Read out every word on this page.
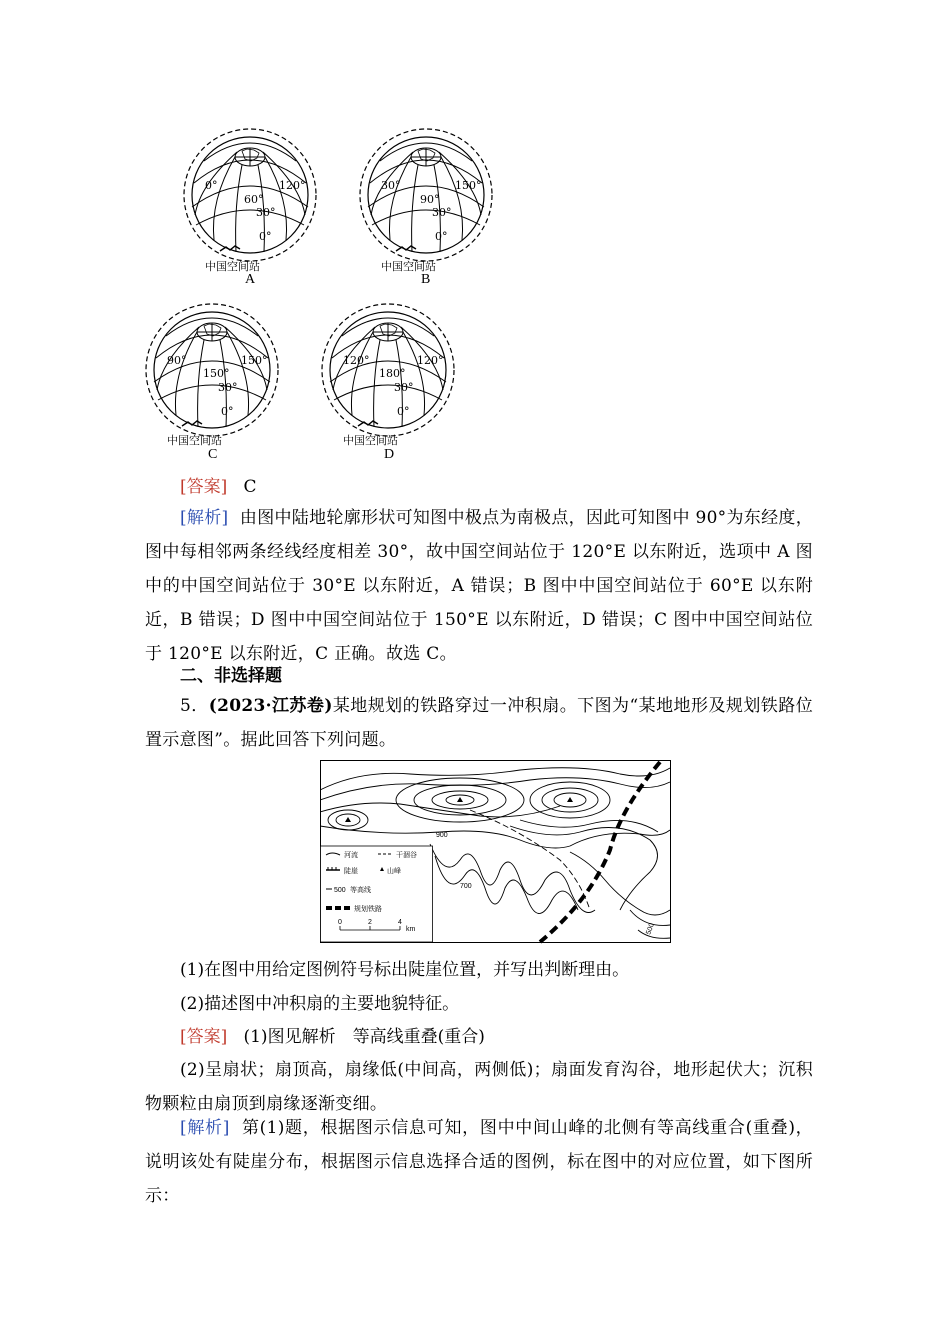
0°	120°
60°
30°
0°
中国空间站
A
30°	150°
90°
30°
0°
中国空间站
B
90°	150°
150°
30°
0°
中国空间站
C
120°	120°
180°
30°
0°
中国空间站
D
[答案] C
[解析] 由图中陆地轮廓形状可知图中极点为南极点，因此可知图中 90°为东经度，图中每相邻两条经线经度相差 30°，故中国空间站位于 120°E 以东附近，选项中 A 图中的中国空间站位于 30°E 以东附近，A 错误；B 图中中国空间站位于 60°E 以东附近，B 错误；D 图中中国空间站位于 150°E 以东附近，D 错误；C 图中中国空间站位于 120°E 以东附近，C 正确。故选 C。
二、非选择题
5．(2023·江苏卷)某地规划的铁路穿过一冲积扇。下图为“某地地形及规划铁路位置示意图”。据此回答下列问题。
河流	干涸谷
陡崖	山峰
500 等高线
规划铁路
0	2	4
km
900
700
500
(1)在图中用给定图例符号标出陡崖位置，并写出判断理由。
(2)描述图中冲积扇的主要地貌特征。
[答案] (1)图见解析　等高线重叠(重合)
(2)呈扇状；扇顶高，扇缘低(中间高，两侧低)；扇面发育沟谷，地形起伏大；沉积物颗粒由扇顶到扇缘逐渐变细。
[解析] 第(1)题，根据图示信息可知，图中中间山峰的北侧有等高线重合(重叠)，说明该处有陡崖分布，根据图示信息选择合适的图例，标在图中的对应位置，如下图所示：
